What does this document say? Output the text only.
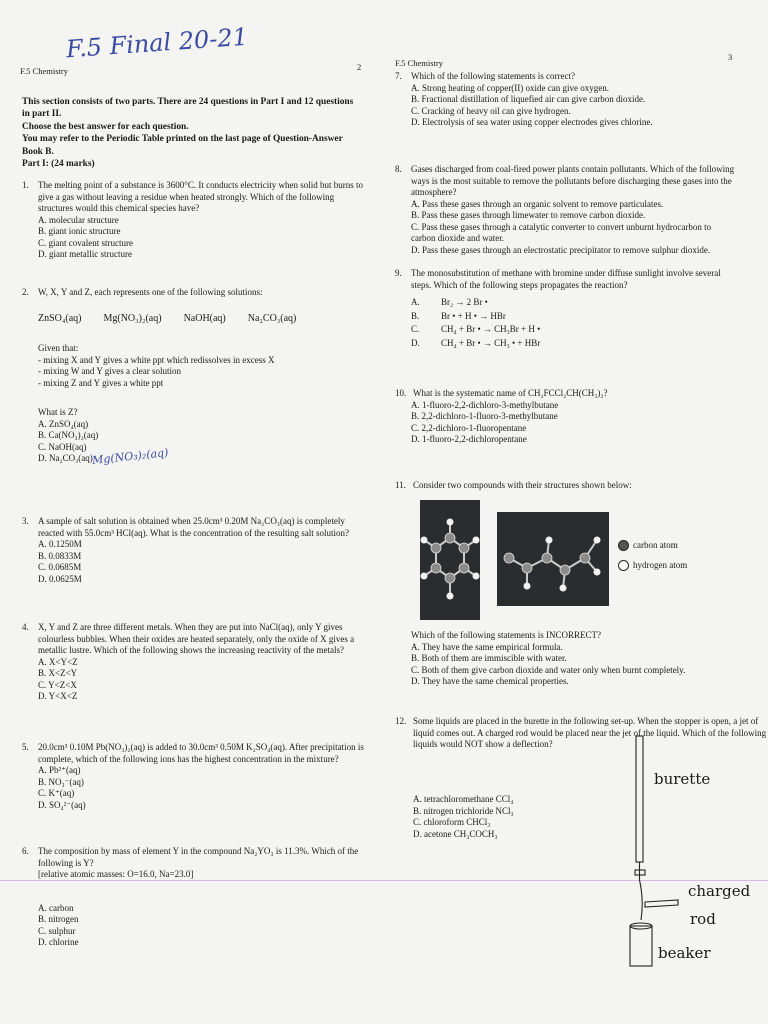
F.5 Final 20-21
F.5 Chemistry	2
This section consists of two parts. There are 24 questions in Part I and 12 questions in part II.
Choose the best answer for each question.
You may refer to the Periodic Table printed on the last page of Question-Answer Book B.
Part I: (24 marks)
1.	The melting point of a substance is 3600°C. It conducts electricity when solid but burns to give a gas without leaving a residue when heated strongly. Which of the following structures would this chemical species have?
A. molecular structure
B. giant ionic structure
C. giant covalent structure
D. giant metallic structure
2.	W, X, Y and Z, each represents one of the following solutions:
ZnSO₄(aq) Mg(NO₃)₂(aq) NaOH(aq) Na₂CO₃(aq)
Given that:
- mixing X and Y gives a white ppt which redissolves in excess X
- mixing W and Y gives a clear solution
- mixing Z and Y gives a white ppt
What is Z?
A. ZnSO₄(aq)
B. Ca(NO₃)₂(aq)
C. NaOH(aq)
D. Na₂CO₃(aq)
Mg(NO₃)₂(aq)
3.	A sample of salt solution is obtained when 25.0cm³ 0.20M Na₂CO₃(aq) is completely reacted with 55.0cm³ HCl(aq). What is the concentration of the resulting salt solution?
A. 0.1250M
B. 0.0833M
C. 0.0685M
D. 0.0625M
4.	X, Y and Z are three different metals. When they are put into NaCl(aq), only Y gives colourless bubbles. When their oxides are heated separately, only the oxide of X gives a metallic lustre. Which of the following shows the increasing reactivity of the metals?
A. X<Y<Z
B. X<Z<Y
C. Y<Z<X
D. Y<X<Z
5.	20.0cm³ 0.10M Pb(NO₃)₂(aq) is added to 30.0cm³ 0.50M K₂SO₄(aq). After precipitation is complete, which of the following ions has the highest concentration in the mixture?
A. Pb²⁺(aq)
B. NO₃⁻(aq)
C. K⁺(aq)
D. SO₄²⁻(aq)
6.	The composition by mass of element Y in the compound Na₂YO₃ is 11.3%. Which of the following is Y?
[relative atomic masses: O=16.0, Na=23.0]
A. carbon
B. nitrogen
C. sulphur
D. chlorine
F.5 Chemistry
3
7.	Which of the following statements is correct?
A. Strong heating of copper(II) oxide can give oxygen.
B. Fractional distillation of liquefied air can give carbon dioxide.
C. Cracking of heavy oil can give hydrogen.
D. Electrolysis of sea water using copper electrodes gives chlorine.
8.	Gases discharged from coal-fired power plants contain pollutants. Which of the following ways is the most suitable to remove the pollutants before discharging these gases into the atmosphere?
A. Pass these gases through an organic solvent to remove particulates.
B. Pass these gases through limewater to remove carbon dioxide.
C. Pass these gases through a catalytic converter to convert unburnt hydrocarbon to carbon dioxide and water.
D. Pass these gases through an electrostatic precipitator to remove sulphur dioxide.
9.	The monosubstitution of methane with bromine under diffuse sunlight involve several steps. Which of the following steps propagates the reaction?
A.	Br₂ → 2 Br •
B.	Br • + H • → HBr
C.	CH₄ + Br • → CH₃Br + H •
D.	CH₄ + Br • → CH₃ • + HBr
10. What is the systematic name of CH₂FCCl₂CH(CH₃)₂?
A. 1-fluoro-2,2-dichloro-3-methylbutane
B. 2,2-dichloro-1-fluoro-3-methylbutane
C. 2,2-dichloro-1-fluoropentane
D. 1-fluoro-2,2-dichloropentane
11. Consider two compounds with their structures shown below:
carbon atom
hydrogen atom
Which of the following statements is INCORRECT?
A. They have the same empirical formula.
B. Both of them are immiscible with water.
C. Both of them give carbon dioxide and water only when burnt completely.
D. They have the same chemical properties.
12. Some liquids are placed in the burette in the following set-up. When the stopper is open, a jet of liquid comes out. A charged rod would be placed near the jet of the liquid. Which of the following liquids would NOT show a deflection?
A. tetrachloromethane CCl₄
B. nitrogen trichloride NCl₃
C. chloroform CHCl₃
D. acetone CH₃COCH₃
burette
charged
rod
beaker
